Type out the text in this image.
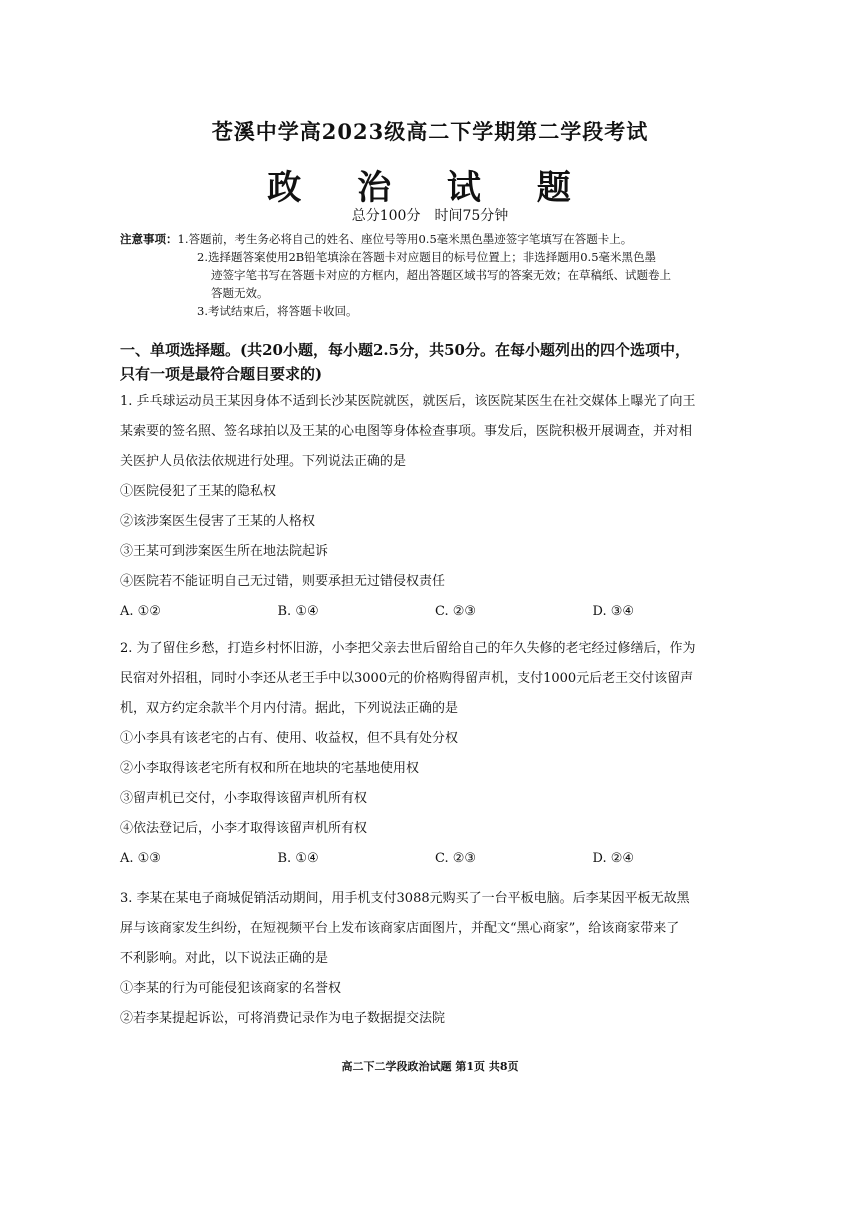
苍溪中学高2023级高二下学期第二学段考试
政 治 试 题
总分100分　时间75分钟
注意事项： 1.答题前，考生务必将自己的姓名、座位号等用0.5毫米黑色墨迹签字笔填写在答题卡上。
2.选择题答案使用2B铅笔填涂在答题卡对应题目的标号位置上；非选择题用0.5毫米黑色墨
迹签字笔书写在答题卡对应的方框内，超出答题区域书写的答案无效；在草稿纸、试题卷上
答题无效。
3.考试结束后，将答题卡收回。
一、单项选择题。(共20小题，每小题2.5分，共50分。在每小题列出的四个选项中，
只有一项是最符合题目要求的)

1. 乒乓球运动员王某因身体不适到长沙某医院就医，就医后，该医院某医生在社交媒体上曝光了向王

某索要的签名照、签名球拍以及王某的心电图等身体检查事项。事发后，医院积极开展调查，并对相

关医护人员依法依规进行处理。下列说法正确的是

①医院侵犯了王某的隐私权

②该涉案医生侵害了王某的人格权

③王某可到涉案医生所在地法院起诉

④医院若不能证明自己无过错，则要承担无过错侵权责任

A. ①②	B. ①④	C. ②③	D. ③④

2. 为了留住乡愁，打造乡村怀旧游，小李把父亲去世后留给自己的年久失修的老宅经过修缮后，作为

民宿对外招租，同时小李还从老王手中以3000元的价格购得留声机，支付1000元后老王交付该留声

机，双方约定余款半个月内付清。据此，下列说法正确的是

①小李具有该老宅的占有、使用、收益权，但不具有处分权

②小李取得该老宅所有权和所在地块的宅基地使用权

③留声机已交付，小李取得该留声机所有权

④依法登记后，小李才取得该留声机所有权

A. ①③	B. ①④	C. ②③	D. ②④

3. 李某在某电子商城促销活动期间，用手机支付3088元购买了一台平板电脑。后李某因平板无故黑

屏与该商家发生纠纷，在短视频平台上发布该商家店面图片，并配文“黑心商家”，给该商家带来了

不利影响。对此，以下说法正确的是

①李某的行为可能侵犯该商家的名誉权

②若李某提起诉讼，可将消费记录作为电子数据提交法院

高二下二学段政治试题 第1页 共8页
